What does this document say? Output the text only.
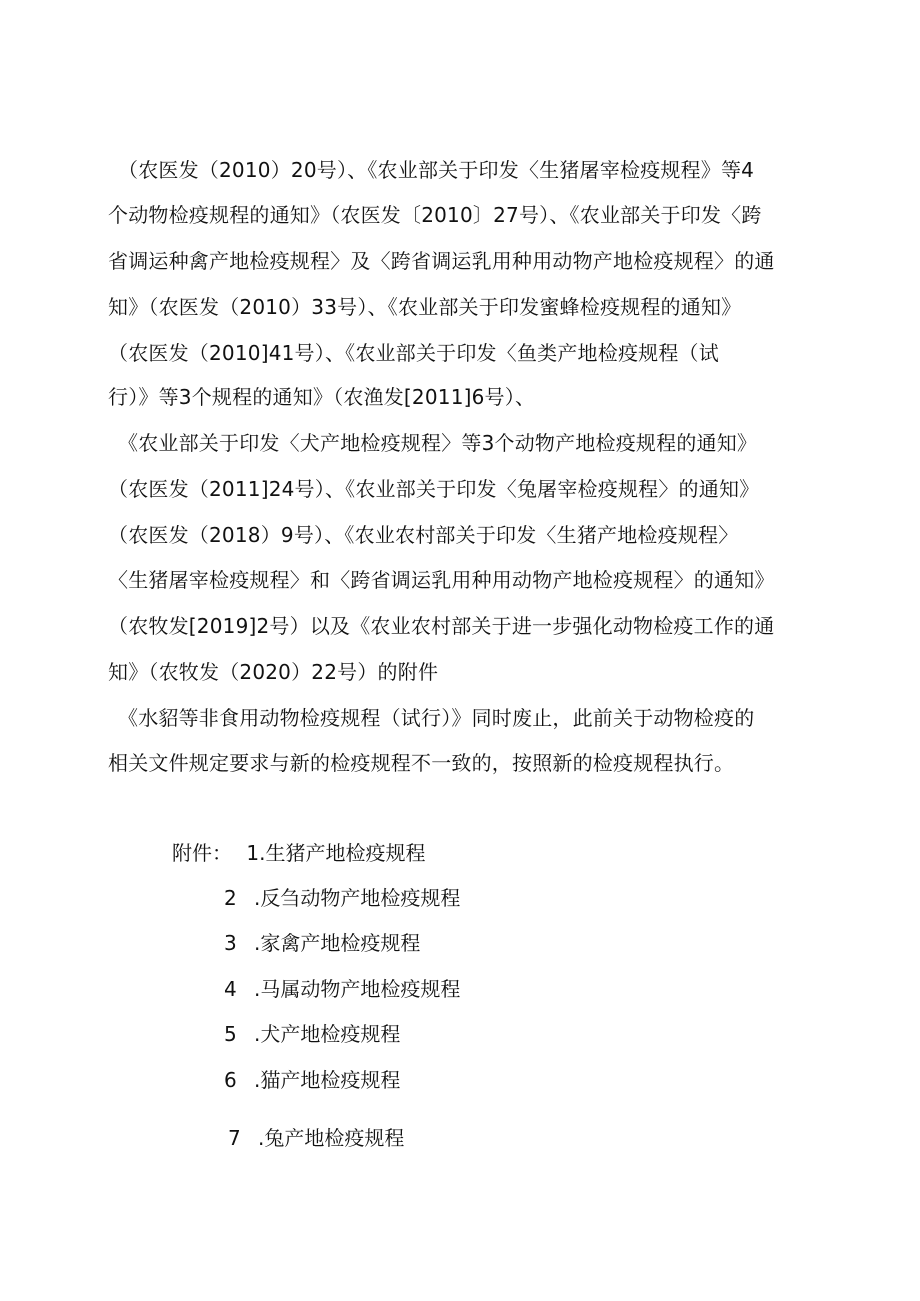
（农医发（2010）20号）、《农业部关于印发〈生猪屠宰检疫规程》等4
个动物检疫规程的通知》（农医发〔2010〕27号）、《农业部关于印发〈跨
省调运种禽产地检疫规程〉及〈跨省调运乳用种用动物产地检疫规程〉的通
知》（农医发（2010）33号）、《农业部关于印发蜜蜂检疫规程的通知》
（农医发（2010]41号）、《农业部关于印发〈鱼类产地检疫规程（试
行）》等3个规程的通知》（农渔发[2011]6号）、
《农业部关于印发〈犬产地检疫规程〉等3个动物产地检疫规程的通知》
（农医发（2011]24号）、《农业部关于印发〈兔屠宰检疫规程〉的通知》
（农医发（2018）9号）、《农业农村部关于印发〈生猪产地检疫规程〉
〈生猪屠宰检疫规程〉和〈跨省调运乳用种用动物产地检疫规程〉的通知》
（农牧发[2019]2号）以及《农业农村部关于进一步强化动物检疫工作的通
知》（农牧发（2020）22号）的附件
《水貂等非食用动物检疫规程（试行）》同时废止，此前关于动物检疫的
相关文件规定要求与新的检疫规程不一致的，按照新的检疫规程执行。
附件： 1.生猪产地检疫规程
2 .反刍动物产地检疫规程
3 .家禽产地检疫规程
4 .马属动物产地检疫规程
5 .犬产地检疫规程
6 .猫产地检疫规程
7 .兔产地检疫规程
